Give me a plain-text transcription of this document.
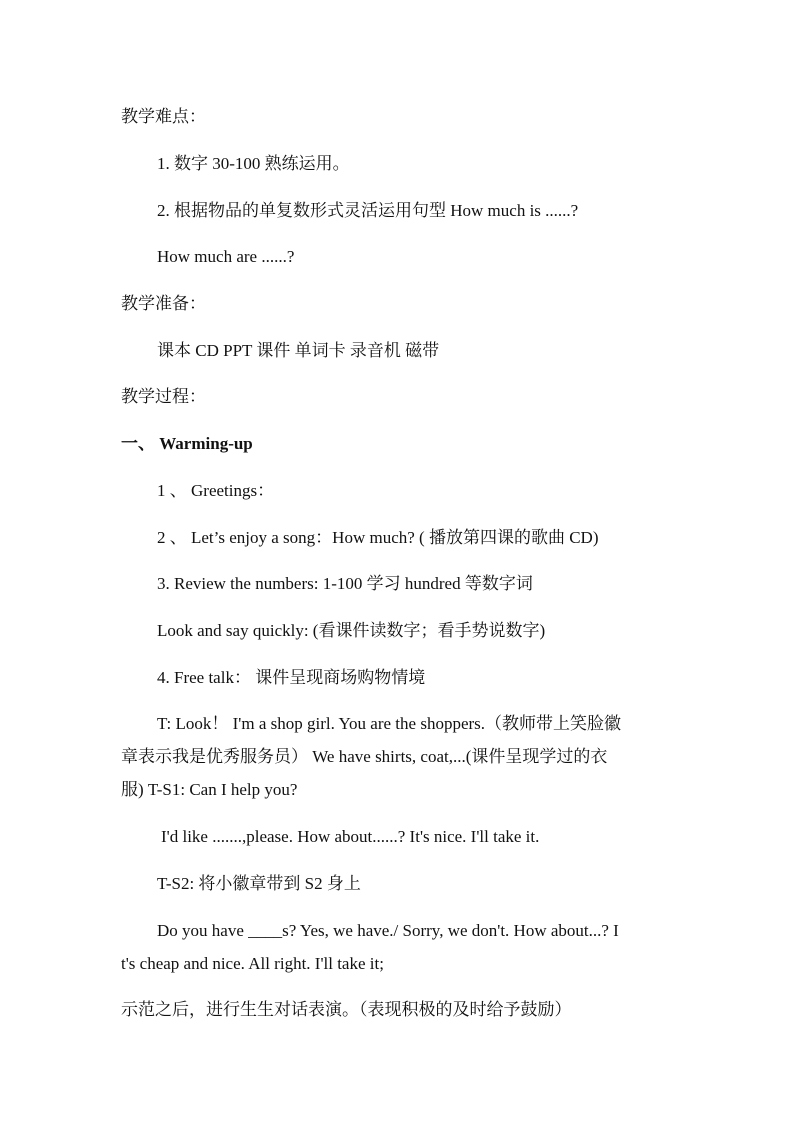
教学难点：
1. 数字 30-100 熟练运用。
2. 根据物品的单复数形式灵活运用句型 How much is ......?
How much are ......?
教学准备：
课本 CD PPT 课件 单词卡 录音机 磁带
教学过程：
一、 Warming-up
1 、 Greetings：
2 、 Let’s enjoy a song：How much? ( 播放第四课的歌曲 CD)
3. Review the numbers: 1-100 学习 hundred 等数字词
Look and say quickly: (看课件读数字；看手势说数字)
4. Free talk： 课件呈现商场购物情境
T: Look！ I'm a shop girl. You are the shoppers.（教师带上笑脸徽
章表示我是优秀服务员） We have shirts, coat,...(课件呈现学过的衣
服) T-S1: Can I help you?
I'd like .......,please. How about......? It's nice. I'll take it.
T-S2: 将小徽章带到 S2 身上
Do you have ____s? Yes, we have./ Sorry, we don't. How about...? I
t's cheap and nice. All right. I'll take it;
示范之后，进行生生对话表演。（表现积极的及时给予鼓励）
